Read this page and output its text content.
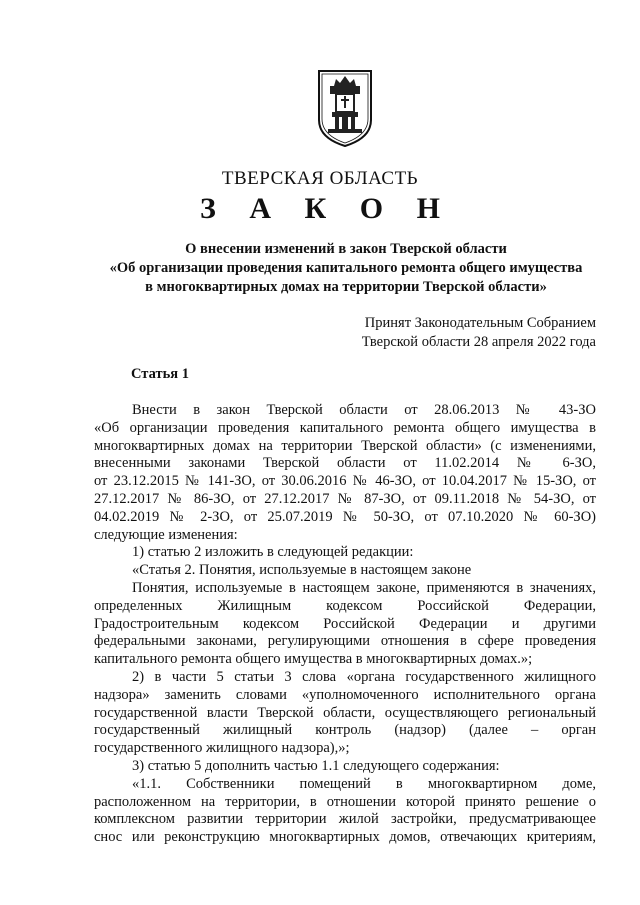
ТВЕРСКАЯ ОБЛАСТЬ
З А К О Н
О внесении изменений в закон Тверской области
«Об организации проведения капитального ремонта общего имущества
в многоквартирных домах на территории Тверской области»
Принят Законодательным Собранием
Тверской области 28 апреля 2022 года
Статья 1
Внести в закон Тверской области от 28.06.2013 № 43-ЗО
«Об организации проведения капитального ремонта общего имущества в
многоквартирных домах на территории Тверской области» (с изменениями,
внесенными законами Тверской области от 11.02.2014 № 6-ЗО,
от 23.12.2015 № 141-ЗО, от 30.06.2016 № 46-ЗО, от 10.04.2017 № 15-ЗО, от
27.12.2017 № 86-ЗО, от 27.12.2017 № 87-ЗО, от 09.11.2018 № 54-ЗО, от
04.02.2019 № 2-ЗО, от 25.07.2019 № 50-ЗО, от 07.10.2020 № 60-ЗО)
следующие изменения:
1) статью 2 изложить в следующей редакции:
«Статья 2. Понятия, используемые в настоящем законе
Понятия, используемые в настоящем законе, применяются в значениях,
определенных Жилищным кодексом Российской Федерации,
Градостроительным кодексом Российской Федерации и другими
федеральными законами, регулирующими отношения в сфере проведения
капитального ремонта общего имущества в многоквартирных домах.»;
2) в части 5 статьи 3 слова «органа государственного жилищного
надзора» заменить словами «уполномоченного исполнительного органа
государственной власти Тверской области, осуществляющего региональный
государственный жилищный контроль (надзор) (далее – орган
государственного жилищного надзора),»;
3) статью 5 дополнить частью 1.1 следующего содержания:
«1.1. Собственники помещений в многоквартирном доме,
расположенном на территории, в отношении которой принято решение о
комплексном развитии территории жилой застройки, предусматривающее
снос или реконструкцию многоквартирных домов, отвечающих критериям,
